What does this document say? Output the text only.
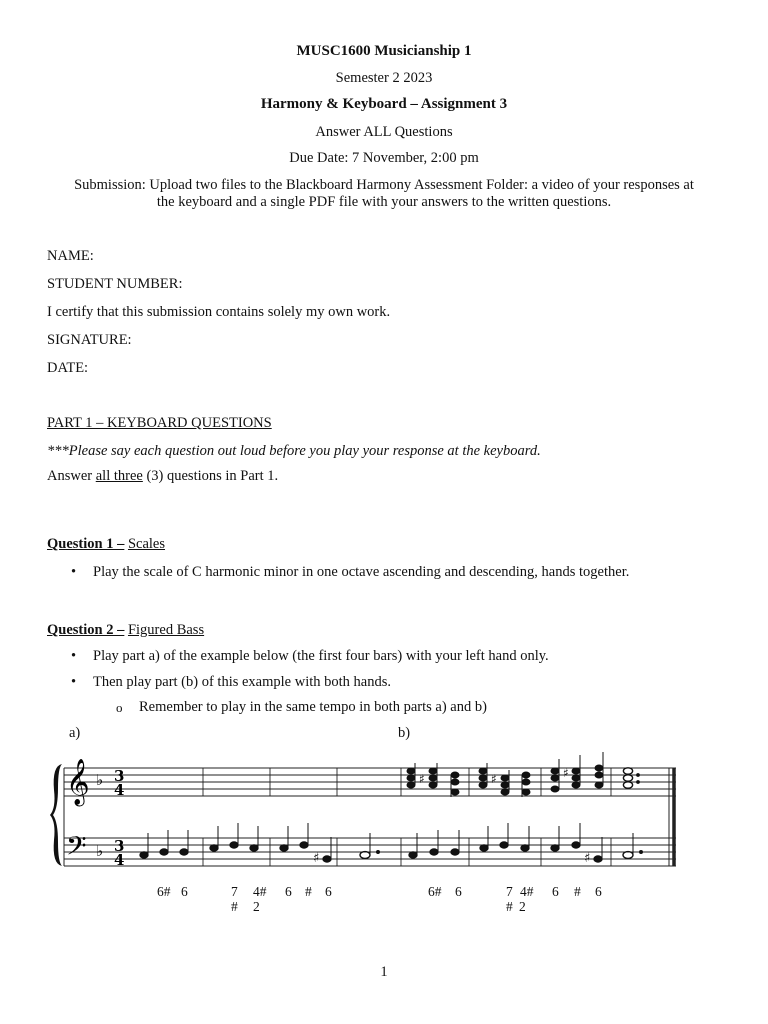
MUSC1600 Musicianship 1
Semester 2 2023
Harmony & Keyboard – Assignment 3
Answer ALL Questions
Due Date: 7 November, 2:00 pm
Submission: Upload two files to the Blackboard Harmony Assessment Folder: a video of your responses at
the keyboard and a single PDF file with your answers to the written questions.
NAME:
STUDENT NUMBER:
I certify that this submission contains solely my own work.
SIGNATURE:
DATE:
PART 1 – KEYBOARD QUESTIONS
***Please say each question out loud before you play your response at the keyboard.
Answer all three (3) questions in Part 1.
Question 1 – Scales
• Play the scale of C harmonic minor in one octave ascending and descending, hands together.
Question 2 – Figured Bass
• Play part a) of the example below (the first four bars) with your left hand only.
• Then play part (b) of this example with both hands.
o Remember to play in the same tempo in both parts a) and b)
a)	b)
𝄞
𝄢
♭
♭
3
4
3
4	♯	♯
♯	♯	♯
6# 6	7
#
4#
2
6 # 6	6# 6	7
#
4#
2
6 # 6
1
